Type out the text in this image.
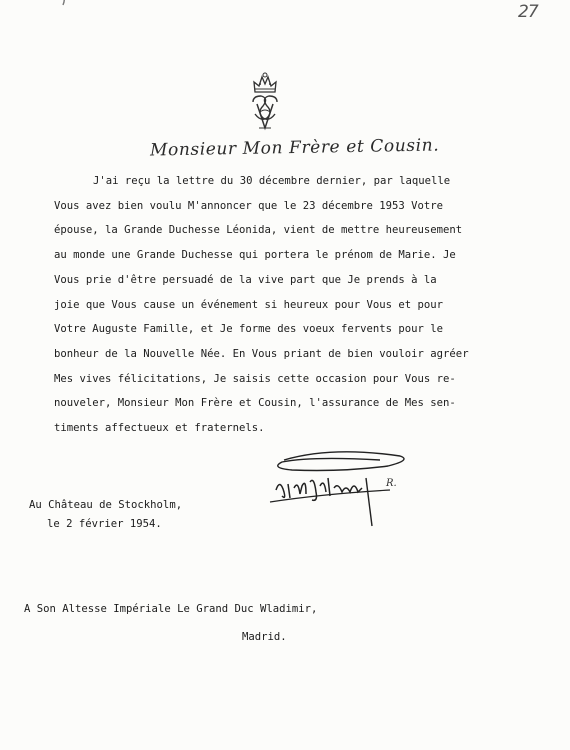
27
Monsieur Mon Frère et Cousin.
J'ai reçu la lettre du 30 décembre dernier, par laquelle
Vous avez bien voulu M'annoncer que le 23 décembre 1953 Votre
épouse, la Grande Duchesse Léonida, vient de mettre heureusement
au monde une Grande Duchesse qui portera le prénom de Marie. Je
Vous prie d'être persuadé de la vive part que Je prends à la
joie que Vous cause un événement si heureux pour Vous et pour
Votre Auguste Famille, et Je forme des voeux fervents pour le
bonheur de la Nouvelle Née. En Vous priant de bien vouloir agréer
Mes vives félicitations, Je saisis cette occasion pour Vous re-
nouveler, Monsieur Mon Frère et Cousin, l'assurance de Mes sen-
timents affectueux et fraternels.
R.
Au Château de Stockholm,
le 2 février 1954.
A Son Altesse Impériale Le Grand Duc Wladimir,
Madrid.
